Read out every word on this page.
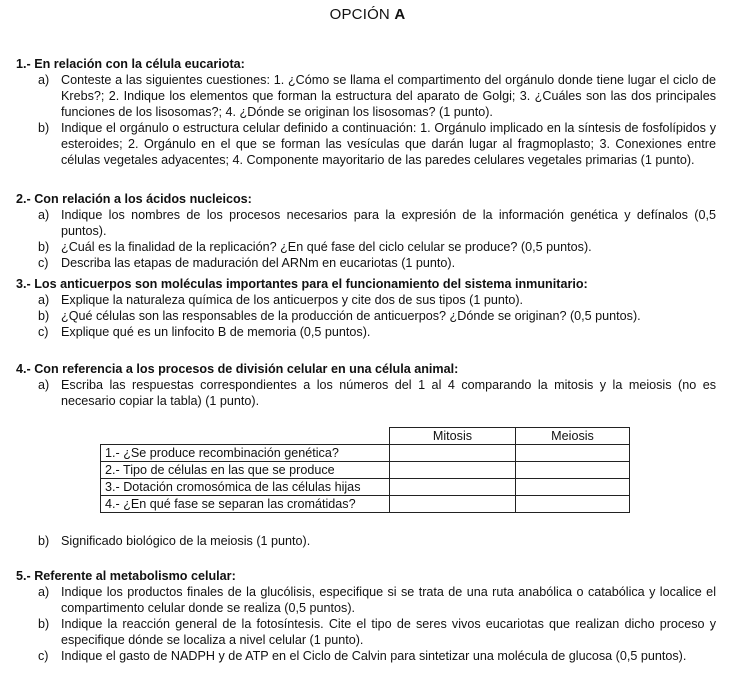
OPCIÓN A

1.- En relación con la célula eucariota:

a) Conteste a las siguientes cuestiones: 1. ¿Cómo se llama el compartimento del orgánulo donde tiene lugar el ciclo de Krebs?; 2. Indique los elementos que forman la estructura del aparato de Golgi; 3. ¿Cuáles son las dos principales funciones de los lisosomas?; 4. ¿Dónde se originan los lisosomas? (1 punto).

b) Indique el orgánulo o estructura celular definido a continuación: 1. Orgánulo implicado en la síntesis de fosfolípidos y esteroides; 2. Orgánulo en el que se forman las vesículas que darán lugar al fragmoplasto; 3. Conexiones entre células vegetales adyacentes; 4. Componente mayoritario de las paredes celulares vegetales primarias (1 punto).

2.- Con relación a los ácidos nucleicos:

a) Indique los nombres de los procesos necesarios para la expresión de la información genética y defínalos (0,5 puntos).

b) ¿Cuál es la finalidad de la replicación? ¿En qué fase del ciclo celular se produce? (0,5 puntos).

c) Describa las etapas de maduración del ARNm en eucariotas (1 punto).

3.- Los anticuerpos son moléculas importantes para el funcionamiento del sistema inmunitario:

a) Explique la naturaleza química de los anticuerpos y cite dos de sus tipos (1 punto).

b) ¿Qué células son las responsables de la producción de anticuerpos? ¿Dónde se originan? (0,5 puntos).

c) Explique qué es un linfocito B de memoria (0,5 puntos).

4.- Con referencia a los procesos de división celular en una célula animal:

a) Escriba las respuestas correspondientes a los números del 1 al 4 comparando la mitosis y la meiosis (no es necesario copiar la tabla) (1 punto).

	Mitosis	Meiosis
1.- ¿Se produce recombinación genética?		
2.- Tipo de células en las que se produce		
3.- Dotación cromosómica de las células hijas		
4.- ¿En qué fase se separan las cromátidas?		

b) Significado biológico de la meiosis (1 punto).

5.- Referente al metabolismo celular:

a) Indique los productos finales de la glucólisis, especifique si se trata de una ruta anabólica o catabólica y localice el compartimento celular donde se realiza (0,5 puntos).

b) Indique la reacción general de la fotosíntesis. Cite el tipo de seres vivos eucariotas que realizan dicho proceso y especifique dónde se localiza a nivel celular (1 punto).

c) Indique el gasto de NADPH y de ATP en el Ciclo de Calvin para sintetizar una molécula de glucosa (0,5 puntos).
